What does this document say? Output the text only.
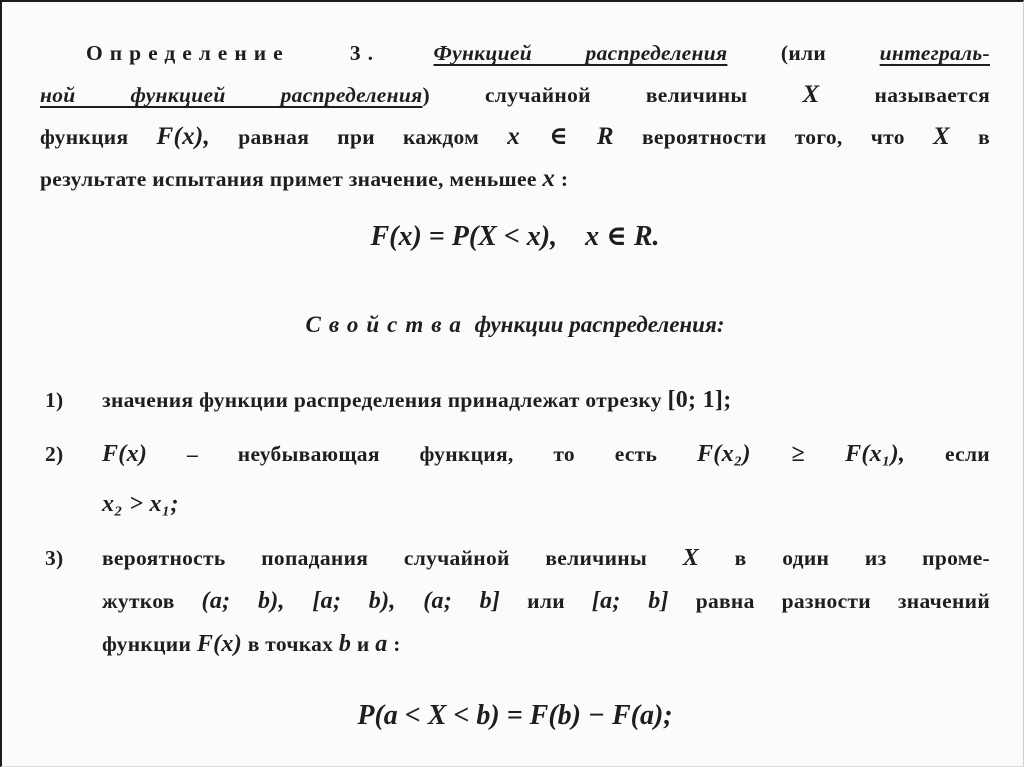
Определение 3. Функцией распределения (или интеграль-
ной функцией распределения) случайной величины X называется
функция F(x), равная при каждом x ∈ R вероятности того, что X в
результате испытания примет значение, меньшее x :
F(x) = P(X < x), x ∈ R.
Свойства функции распределения:
1)	значения функции распределения принадлежат отрезку [0; 1];
2)	F(x) – неубывающая функция, то есть F(x₂) ≥ F(x₁), если
x₂ > x₁;
3)	вероятность попадания случайной величины X в один из проме-
жутков (a; b), [a; b), (a; b] или [a; b] равна разности значений
функции F(x) в точках b и a :
P(a < X < b) = F(b) − F(a);
